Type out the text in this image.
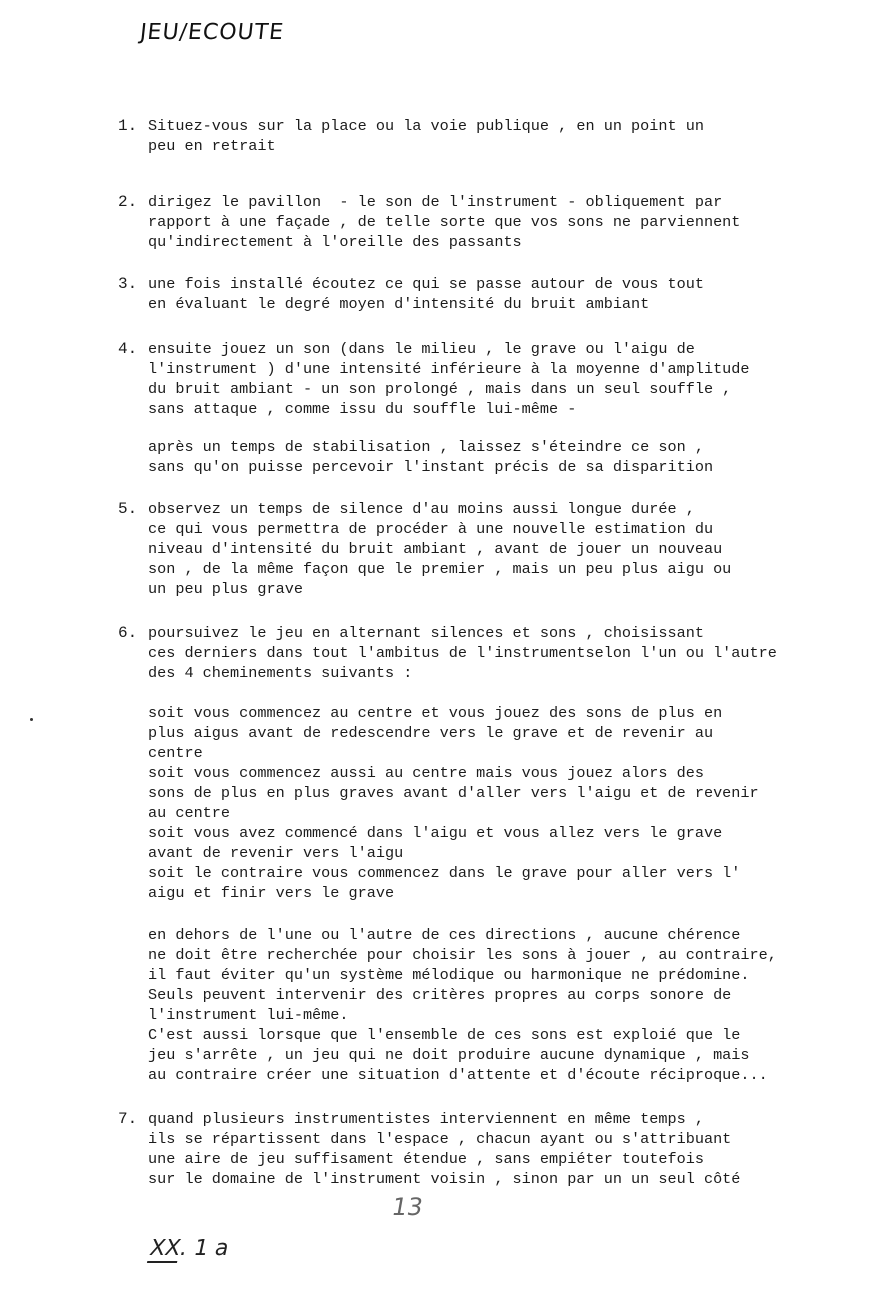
JEU/ECOUTE
1. Situez-vous sur la place ou la voie publique , en un point un
peu en retrait
2. dirigez le pavillon  - le son de l'instrument - obliquement par
rapport à une façade , de telle sorte que vos sons ne parviennent
qu'indirectement à l'oreille des passants
3. une fois installé écoutez ce qui se passe autour de vous tout
en évaluant le degré moyen d'intensité du bruit ambiant
4. ensuite jouez un son (dans le milieu , le grave ou l'aigu de
l'instrument ) d'une intensité inférieure à la moyenne d'amplitude
du bruit ambiant - un son prolongé , mais dans un seul souffle ,
sans attaque , comme issu du souffle lui-même -
après un temps de stabilisation , laissez s'éteindre ce son ,
sans qu'on puisse percevoir l'instant précis de sa disparition
5. observez un temps de silence d'au moins aussi longue durée ,
ce qui vous permettra de procéder à une nouvelle estimation du
niveau d'intensité du bruit ambiant , avant de jouer un nouveau
son , de la même façon que le premier , mais un peu plus aigu ou
un peu plus grave
6. poursuivez le jeu en alternant silences et sons , choisissant
ces derniers dans tout l'ambitus de l'instrumentselon l'un ou l'autre
des 4 cheminements suivants :
soit vous commencez au centre et vous jouez des sons de plus en
plus aigus avant de redescendre vers le grave et de revenir au
centre
soit vous commencez aussi au centre mais vous jouez alors des
sons de plus en plus graves avant d'aller vers l'aigu et de revenir
au centre
soit vous avez commencé dans l'aigu et vous allez vers le grave
avant de revenir vers l'aigu
soit le contraire vous commencez dans le grave pour aller vers l'
aigu et finir vers le grave
en dehors de l'une ou l'autre de ces directions , aucune chérence
ne doit être recherchée pour choisir les sons à jouer , au contraire,
il faut éviter qu'un système mélodique ou harmonique ne prédomine.
Seuls peuvent intervenir des critères propres au corps sonore de
l'instrument lui-même.
C'est aussi lorsque que l'ensemble de ces sons est exploié que le
jeu s'arrête , un jeu qui ne doit produire aucune dynamique , mais
au contraire créer une situation d'attente et d'écoute réciproque...
7. quand plusieurs instrumentistes interviennent en même temps ,
ils se répartissent dans l'espace , chacun ayant ou s'attribuant
une aire de jeu suffisament étendue , sans empiéter toutefois
sur le domaine de l'instrument voisin , sinon par un un seul côté
13
XX. 1 a
